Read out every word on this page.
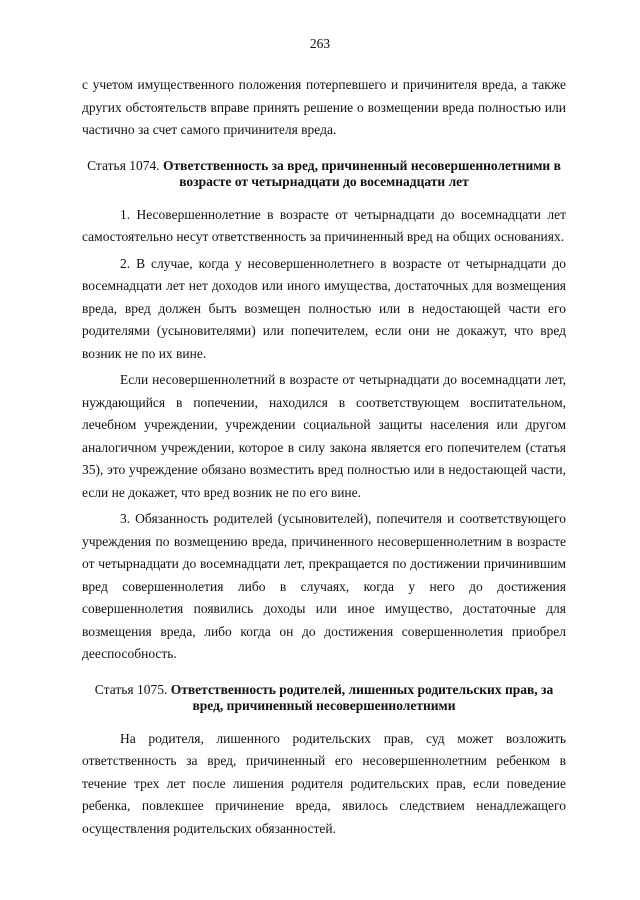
263

с учетом имущественного положения потерпевшего и причинителя вреда, а также других обстоятельств вправе принять решение о возмещении вреда полностью или частично за счет самого причинителя вреда.

Статья 1074. Ответственность за вред, причиненный несовершеннолетними в возрасте от четырнадцати до восемнадцати лет

1. Несовершеннолетние в возрасте от четырнадцати до восемнадцати лет самостоятельно несут ответственность за причиненный вред на общих основаниях.

2. В случае, когда у несовершеннолетнего в возрасте от четырнадцати до восемнадцати лет нет доходов или иного имущества, достаточных для возмещения вреда, вред должен быть возмещен полностью или в недостающей части его родителями (усыновителями) или попечителем, если они не докажут, что вред возник не по их вине.

Если несовершеннолетний в возрасте от четырнадцати до восемнадцати лет, нуждающийся в попечении, находился в соответствующем воспитательном, лечебном учреждении, учреждении социальной защиты населения или другом аналогичном учреждении, которое в силу закона является его попечителем (статья 35), это учреждение обязано возместить вред полностью или в недостающей части, если не докажет, что вред возник не по его вине.

3. Обязанность родителей (усыновителей), попечителя и соответствующего учреждения по возмещению вреда, причиненного несовершеннолетним в возрасте от четырнадцати до восемнадцати лет, прекращается по достижении причинившим вред совершеннолетия либо в случаях, когда у него до достижения совершеннолетия появились доходы или иное имущество, достаточные для возмещения вреда, либо когда он до достижения совершеннолетия приобрел дееспособность.

Статья 1075. Ответственность родителей, лишенных родительских прав, за вред, причиненный несовершеннолетними

На родителя, лишенного родительских прав, суд может возложить ответственность за вред, причиненный его несовершеннолетним ребенком в течение трех лет после лишения родителя родительских прав, если поведение ребенка, повлекшее причинение вреда, явилось следствием ненадлежащего осуществления родительских обязанностей.
